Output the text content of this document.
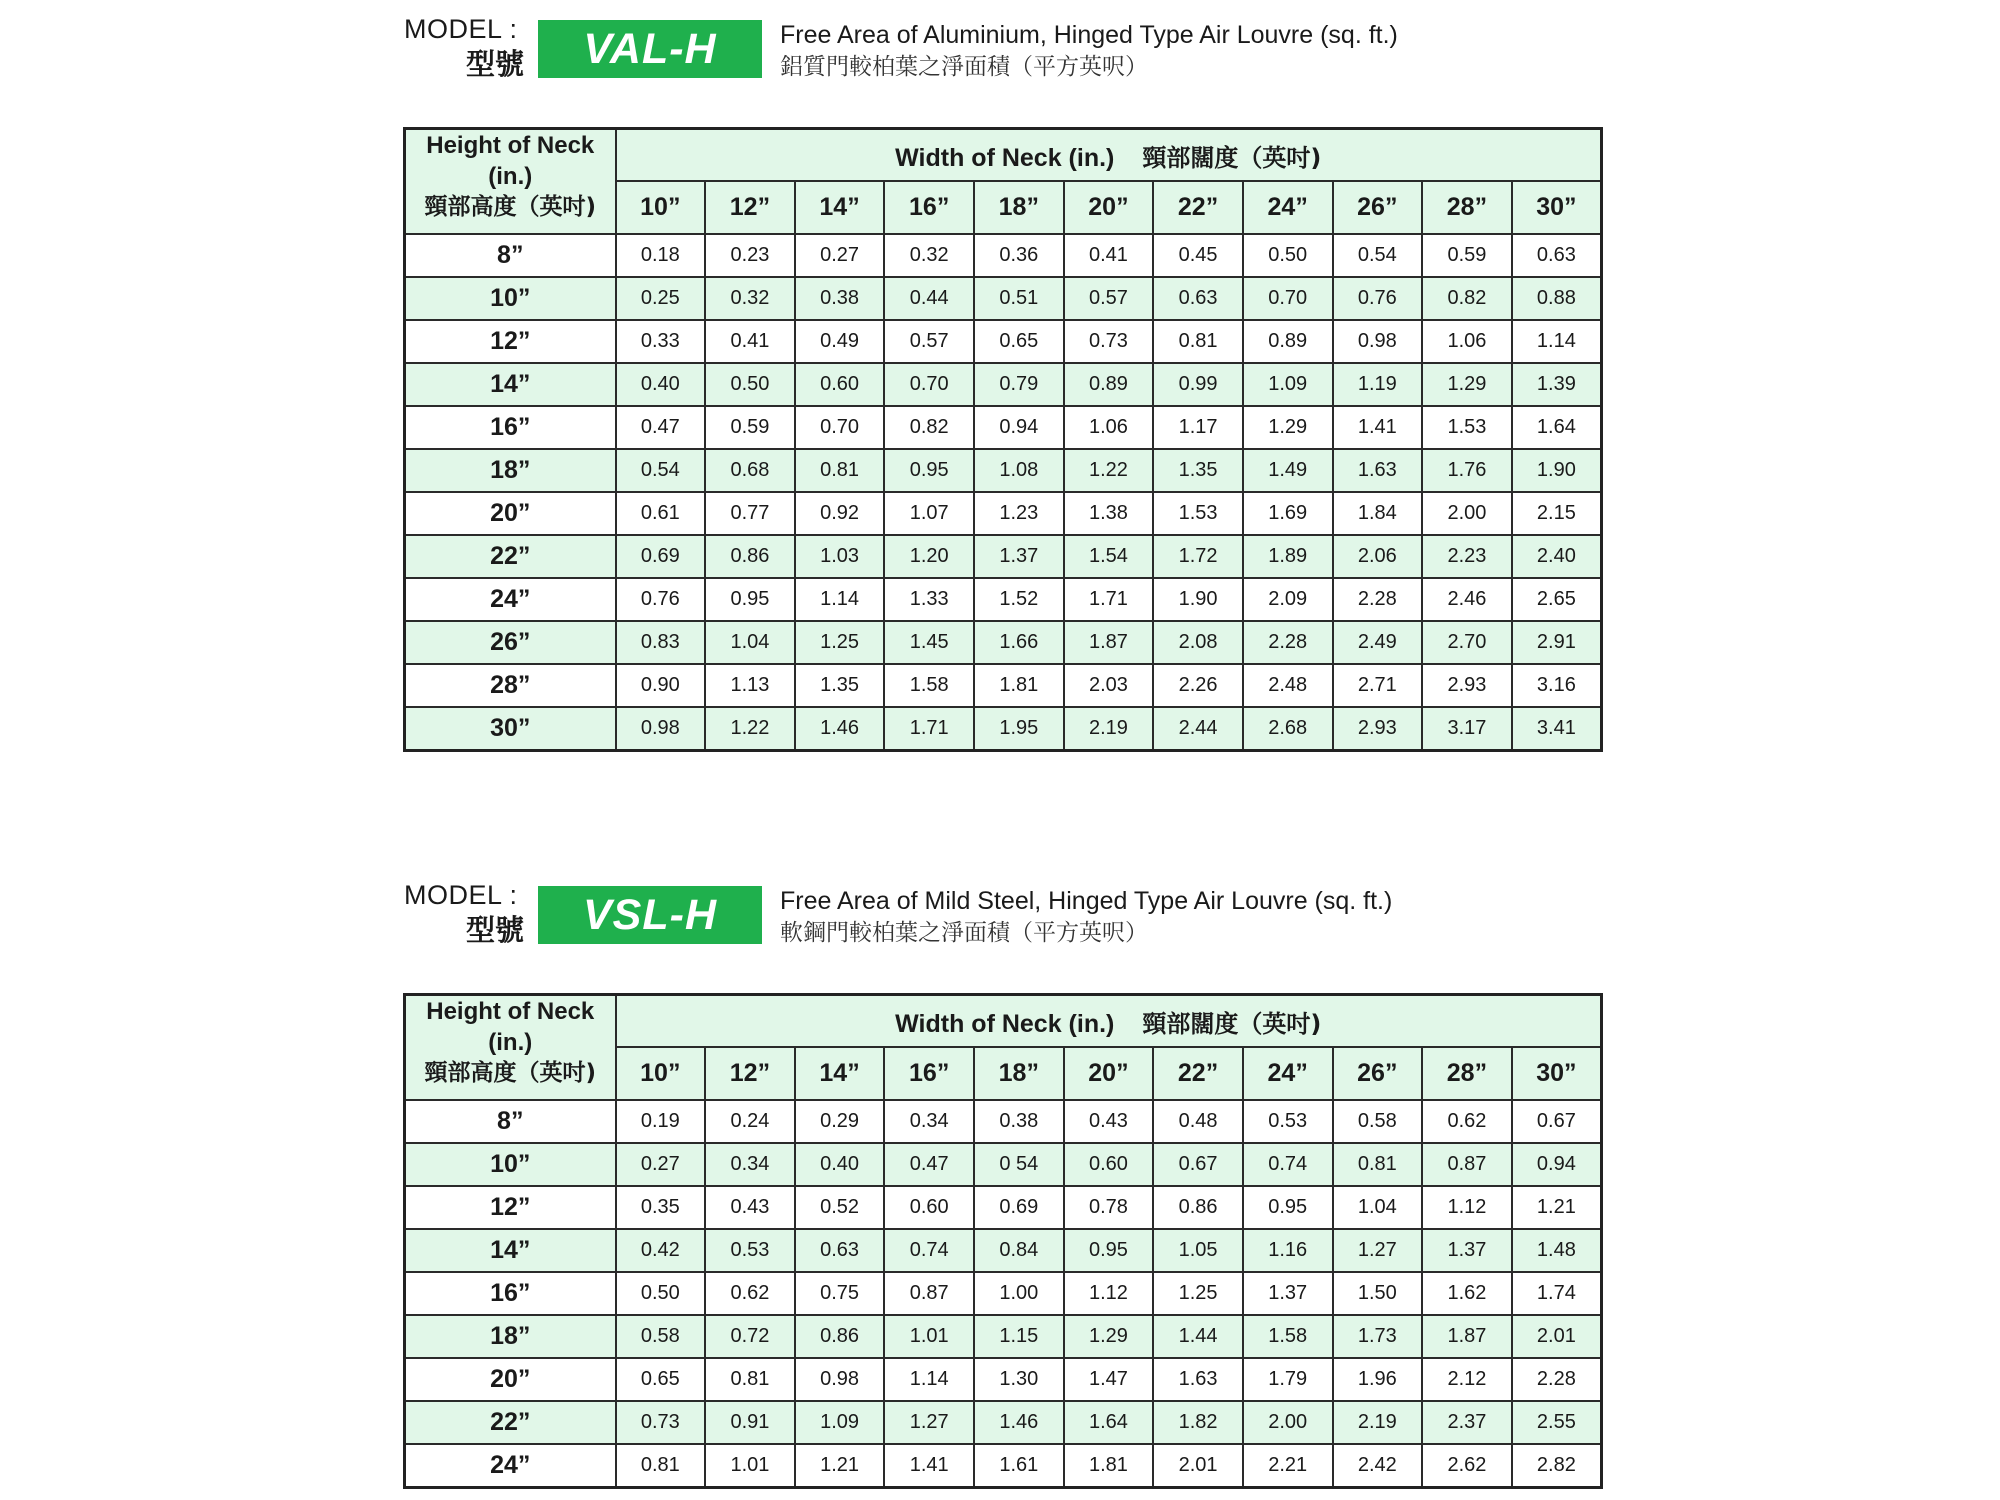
MODEL :
型號	VAL-H	Free Area of Aluminium, Hinged Type Air Louvre (sq. ft.)
鋁質門較柏葉之淨面積（平方英呎）
Height of Neck
(in.)
頸部高度（英吋)	Width of Neck (in.) 頸部闊度（英吋)										
	10”	12”	14”	16”	18”	20”	22”	24”	26”	28”	30”
8”	0.18	0.23	0.27	0.32	0.36	0.41	0.45	0.50	0.54	0.59	0.63
10”	0.25	0.32	0.38	0.44	0.51	0.57	0.63	0.70	0.76	0.82	0.88
12”	0.33	0.41	0.49	0.57	0.65	0.73	0.81	0.89	0.98	1.06	1.14
14”	0.40	0.50	0.60	0.70	0.79	0.89	0.99	1.09	1.19	1.29	1.39
16”	0.47	0.59	0.70	0.82	0.94	1.06	1.17	1.29	1.41	1.53	1.64
18”	0.54	0.68	0.81	0.95	1.08	1.22	1.35	1.49	1.63	1.76	1.90
20”	0.61	0.77	0.92	1.07	1.23	1.38	1.53	1.69	1.84	2.00	2.15
22”	0.69	0.86	1.03	1.20	1.37	1.54	1.72	1.89	2.06	2.23	2.40
24”	0.76	0.95	1.14	1.33	1.52	1.71	1.90	2.09	2.28	2.46	2.65
26”	0.83	1.04	1.25	1.45	1.66	1.87	2.08	2.28	2.49	2.70	2.91
28”	0.90	1.13	1.35	1.58	1.81	2.03	2.26	2.48	2.71	2.93	3.16
30”	0.98	1.22	1.46	1.71	1.95	2.19	2.44	2.68	2.93	3.17	3.41
MODEL :
型號	VSL-H	Free Area of Mild Steel, Hinged Type Air Louvre (sq. ft.)
軟鋼門較柏葉之淨面積（平方英呎）
Height of Neck
(in.)
頸部高度（英吋)	Width of Neck (in.) 頸部闊度（英吋)										
	10”	12”	14”	16”	18”	20”	22”	24”	26”	28”	30”
8”	0.19	0.24	0.29	0.34	0.38	0.43	0.48	0.53	0.58	0.62	0.67
10”	0.27	0.34	0.40	0.47	0 54	0.60	0.67	0.74	0.81	0.87	0.94
12”	0.35	0.43	0.52	0.60	0.69	0.78	0.86	0.95	1.04	1.12	1.21
14”	0.42	0.53	0.63	0.74	0.84	0.95	1.05	1.16	1.27	1.37	1.48
16”	0.50	0.62	0.75	0.87	1.00	1.12	1.25	1.37	1.50	1.62	1.74
18”	0.58	0.72	0.86	1.01	1.15	1.29	1.44	1.58	1.73	1.87	2.01
20”	0.65	0.81	0.98	1.14	1.30	1.47	1.63	1.79	1.96	2.12	2.28
22”	0.73	0.91	1.09	1.27	1.46	1.64	1.82	2.00	2.19	2.37	2.55
24”	0.81	1.01	1.21	1.41	1.61	1.81	2.01	2.21	2.42	2.62	2.82
